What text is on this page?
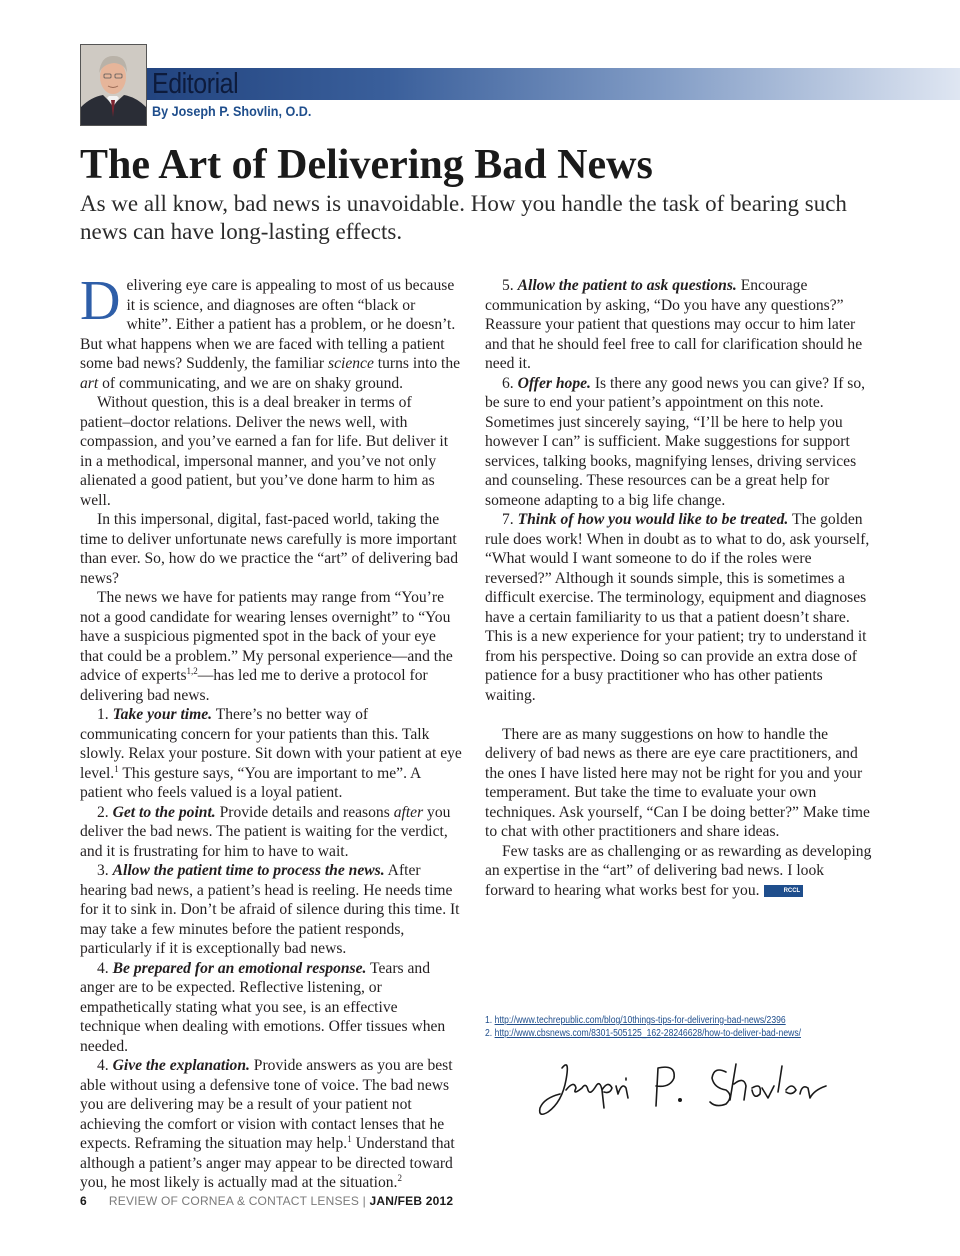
Editorial
By Joseph P. Shovlin, O.D.
The Art of Delivering Bad News

As we all know, bad news is unavoidable. How you handle the task of bearing such news can have long-lasting effects.

Delivering eye care is appealing to most of us because it is science, and diagnoses are often “black or white”. Either a patient has a problem, or he doesn’t. But what happens when we are faced with telling a patient some bad news? Suddenly, the familiar science turns into the art of communicating, and we are on shaky ground.

Without question, this is a deal breaker in terms of patient–doctor relations. Deliver the news well, with compassion, and you’ve earned a fan for life. But deliver it in a methodical, impersonal manner, and you’ve not only alienated a good patient, but you’ve done harm to him as well.

In this impersonal, digital, fast-paced world, taking the time to deliver unfortunate news carefully is more important than ever. So, how do we practice the “art” of delivering bad news?

The news we have for patients may range from “You’re not a good candidate for wearing lenses overnight” to “You have a suspicious pigmented spot in the back of your eye that could be a problem.” My personal experience—and the advice of experts$^{1,2}$—has led me to derive a protocol for delivering bad news.

1. Take your time. There’s no better way of communicating concern for your patients than this. Talk slowly. Relax your posture. Sit down with your patient at eye level.$^1$ This gesture says, “You are important to me”. A patient who feels valued is a loyal patient.

2. Get to the point. Provide details and reasons after you deliver the bad news. The patient is waiting for the verdict, and it is frustrating for him to have to wait.

3. Allow the patient time to process the news. After hearing bad news, a patient’s head is reeling. He needs time for it to sink in. Don’t be afraid of silence during this time. It may take a few minutes before the patient responds, particularly if it is exceptionally bad news.

4. Be prepared for an emotional response. Tears and anger are to be expected. Reflective listening, or empathetically stating what you see, is an effective technique when dealing with emotions. Offer tissues when needed.

4. Give the explanation. Provide answers as you are best able without using a defensive tone of voice. The bad news you are delivering may be a result of your patient not achieving the comfort or vision with contact lenses that he expects. Reframing the situation may help.$^1$ Understand that although a patient’s anger may appear to be directed toward you, he most likely is actually mad at the situation.$^2$

5. Allow the patient to ask questions. Encourage communication by asking, “Do you have any questions?” Reassure your patient that questions may occur to him later and that he should feel free to call for clarification should he need it.

6. Offer hope. Is there any good news you can give? If so, be sure to end your patient’s appointment on this note. Sometimes just sincerely saying, “I’ll be here to help you however I can” is sufficient. Make suggestions for support services, talking books, magnifying lenses, driving services and counseling. These resources can be a great help for someone adapting to a big life change.

7. Think of how you would like to be treated. The golden rule does work! When in doubt as to what to do, ask yourself, “What would I want someone to do if the roles were reversed?” Although it sounds simple, this is sometimes a difficult exercise. The terminology, equipment and diagnoses have a certain familiarity to us that a patient doesn’t share. This is a new experience for your patient; try to understand it from his perspective. Doing so can provide an extra dose of patience for a busy practitioner who has other patients waiting.

There are as many suggestions on how to handle the delivery of bad news as there are eye care practitioners, and the ones I have listed here may not be right for you and your temperament. But take the time to evaluate your own techniques. Ask yourself, “Can I be doing better?” Make time to chat with other practitioners and share ideas.

Few tasks are as challenging or as rewarding as developing an expertise in the “art” of delivering bad news. I look forward to hearing what works best for you.	RCCL

1. http://www.techrepublic.com/blog/10things-tips-for-delivering-bad-news/2396
2. http://www.cbsnews.com/8301-505125_162-28246628/how-to-deliver-bad-news/
6 REVIEW OF CORNEA & CONTACT LENSES | JAN/FEB 2012
